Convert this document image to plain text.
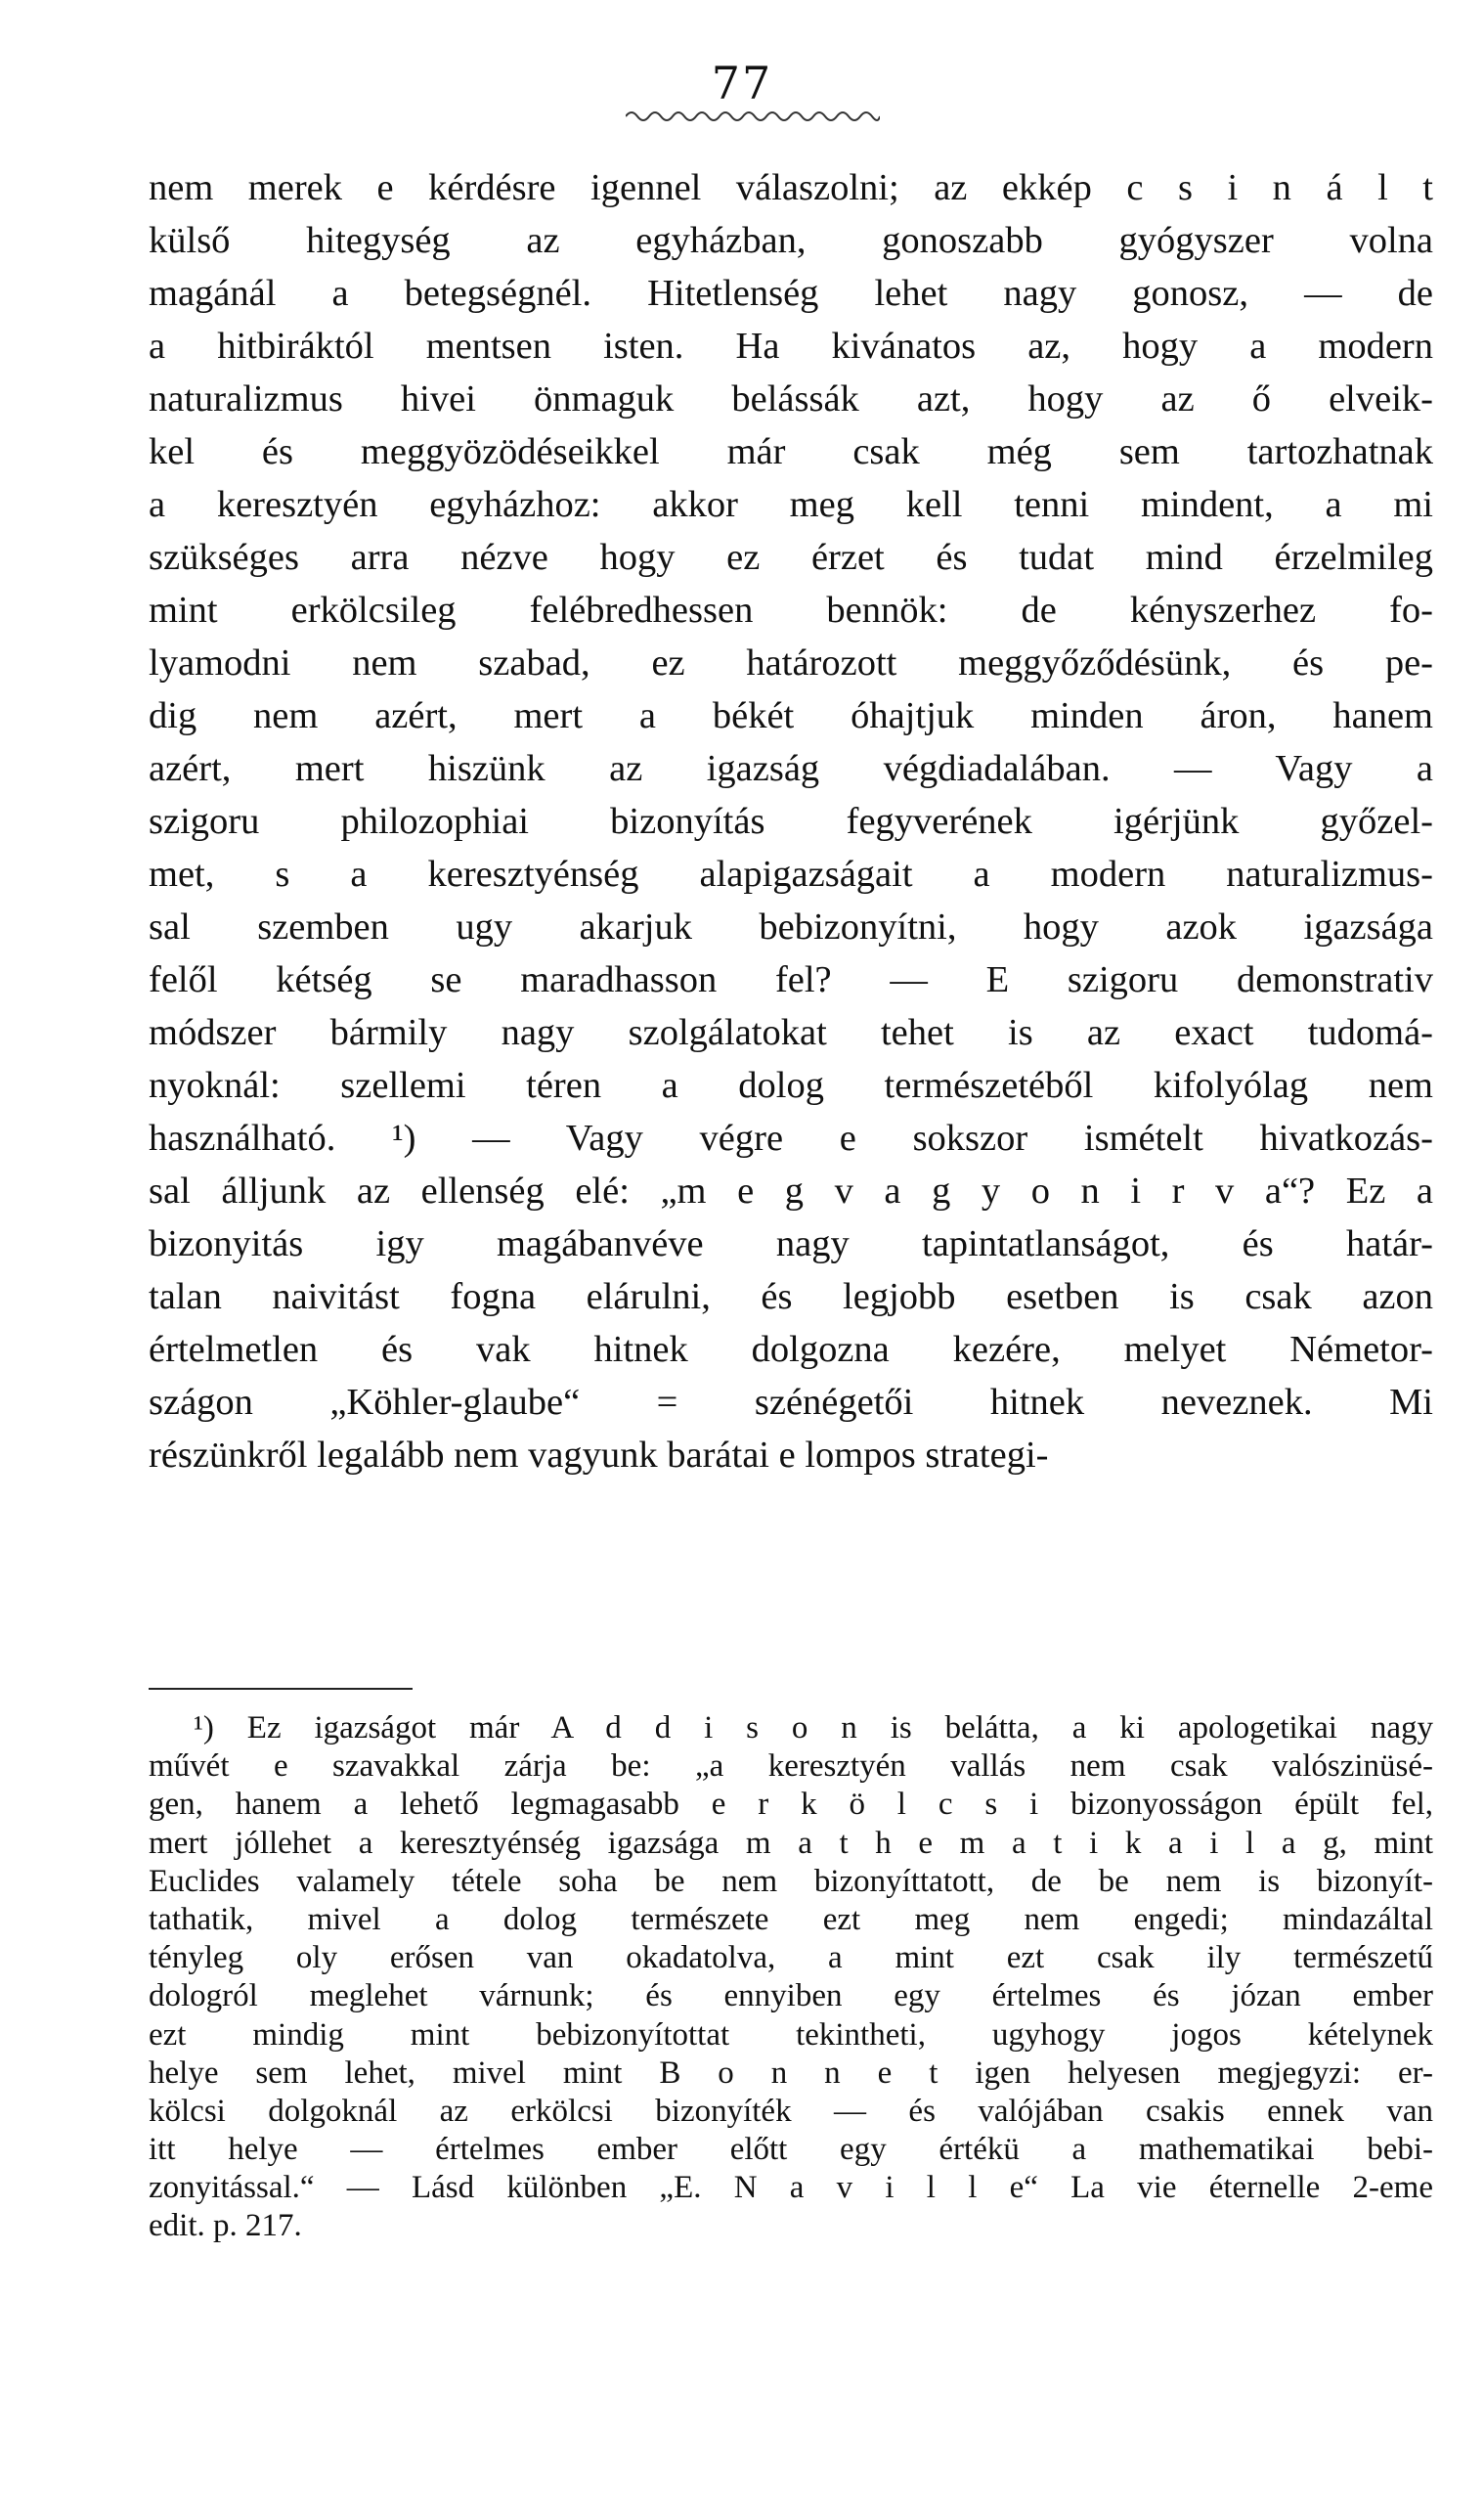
77
nem merek e kérdésre igennel válaszolni; az ekkép c s i n á l t
külső hitegység az egyházban, gonoszabb gyógyszer volna
magánál a betegségnél. Hitetlenség lehet nagy gonosz, — de
a hitbiráktól mentsen isten. Ha kivánatos az, hogy a modern
naturalizmus hivei önmaguk belássák azt, hogy az ő elveik-
kel és meggyözödéseikkel már csak még sem tartozhatnak
a keresztyén egyházhoz: akkor meg kell tenni mindent, a mi
szükséges arra nézve hogy ez érzet és tudat mind érzelmileg
mint erkölcsileg felébredhessen bennök: de kényszerhez fo-
lyamodni nem szabad, ez határozott meggyőződésünk, és pe-
dig nem azért, mert a békét óhajtjuk minden áron, hanem
azért, mert hiszünk az igazság végdiadalában. — Vagy a
szigoru philozophiai bizonyítás fegyverének igérjünk győzel-
met, s a keresztyénség alapigazságait a modern naturalizmus-
sal szemben ugy akarjuk bebizonyítni, hogy azok igazsága
felől kétség se maradhasson fel? — E szigoru demonstrativ
módszer bármily nagy szolgálatokat tehet is az exact tudomá-
nyoknál: szellemi téren a dolog természetéből kifolyólag nem
használható. ¹) — Vagy végre e sokszor ismételt hivatkozás-
sal álljunk az ellenség elé: „m e g v a g y o n i r v a“? Ez a
bizonyitás igy magábanvéve nagy tapintatlanságot, és határ-
talan naivitást fogna elárulni, és legjobb esetben is csak azon
értelmetlen és vak hitnek dolgozna kezére, melyet Németor-
szágon „Köhler-glaube“ = szénégetői hitnek neveznek. Mi
részünkről legalább nem vagyunk barátai e lompos strategi-
¹) Ez igazságot már A d d i s o n is belátta, a ki apologetikai nagy
művét e szavakkal zárja be: „a keresztyén vallás nem csak valószinüsé-
gen, hanem a lehető legmagasabb e r k ö l c s i bizonyosságon épült fel,
mert jóllehet a keresztyénség igazsága m a t h e m a t i k a i l a g, mint
Euclides valamely tétele soha be nem bizonyíttatott, de be nem is bizonyít-
tathatik, mivel a dolog természete ezt meg nem engedi; mindazáltal
tényleg oly erősen van okadatolva, a mint ezt csak ily természetű
dologról meglehet várnunk; és ennyiben egy értelmes és józan ember
ezt mindig mint bebizonyítottat tekintheti, ugyhogy jogos kételynek
helye sem lehet, mivel mint B o n n e t igen helyesen megjegyzi: er-
kölcsi dolgoknál az erkölcsi bizonyíték — és valójában csakis ennek van
itt helye — értelmes ember előtt egy értékü a mathematikai bebi-
zonyitással.“ — Lásd különben „E. N a v i l l e“ La vie éternelle 2-eme
edit. p. 217.
